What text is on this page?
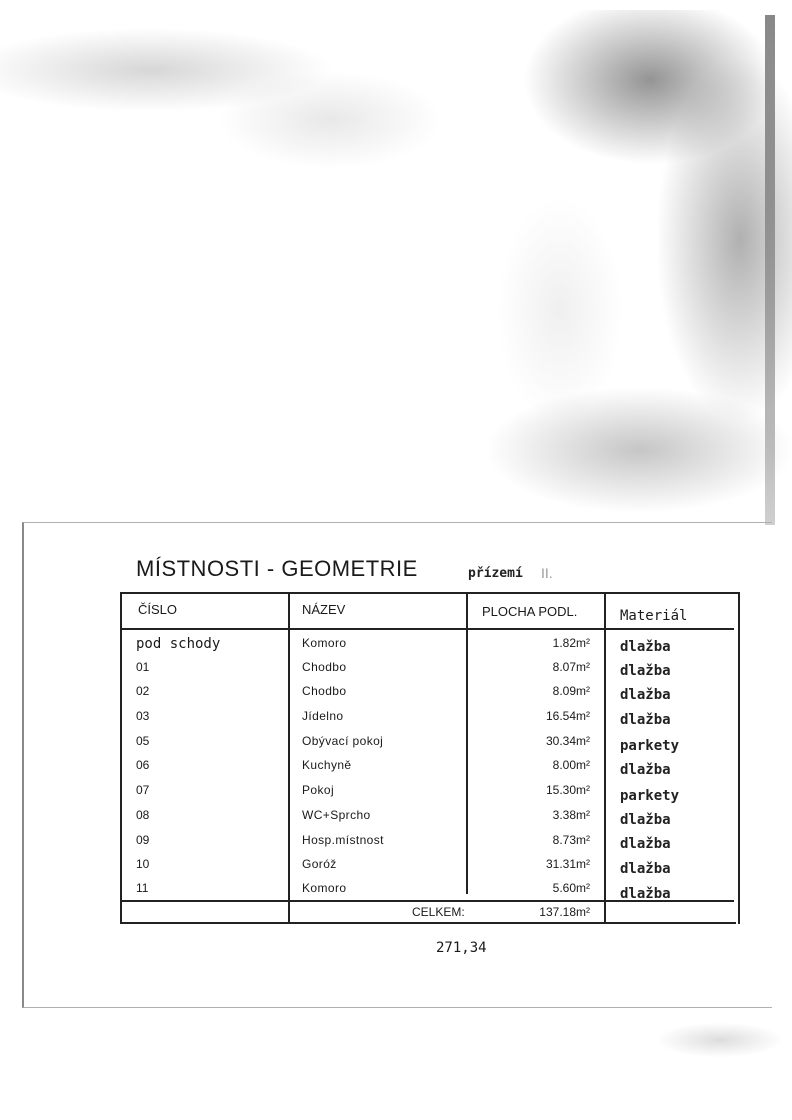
MÍSTNOSTI - GEOMETRIE	přízemí II.
ČÍSLO	NÁZEV	PLOCHA PODL.	Materiál
pod schody	Komoro	1.82m² dlažba
01	Chodbo	8.07m² dlažba
02	Chodbo	8.09m² dlažba
03	Jídelno	16.54m² dlažba
05	Obývací pokoj	30.34m² parkety
06	Kuchyně	8.00m² dlažba
07	Pokoj	15.30m² parkety
08	WC+Sprcho	3.38m² dlažba
09	Hosp.místnost	8.73m² dlažba
10	Goróž	31.31m² dlažba
11	Komoro	5.60m² dlažba
CELKEM:	137.18m²
271,34
